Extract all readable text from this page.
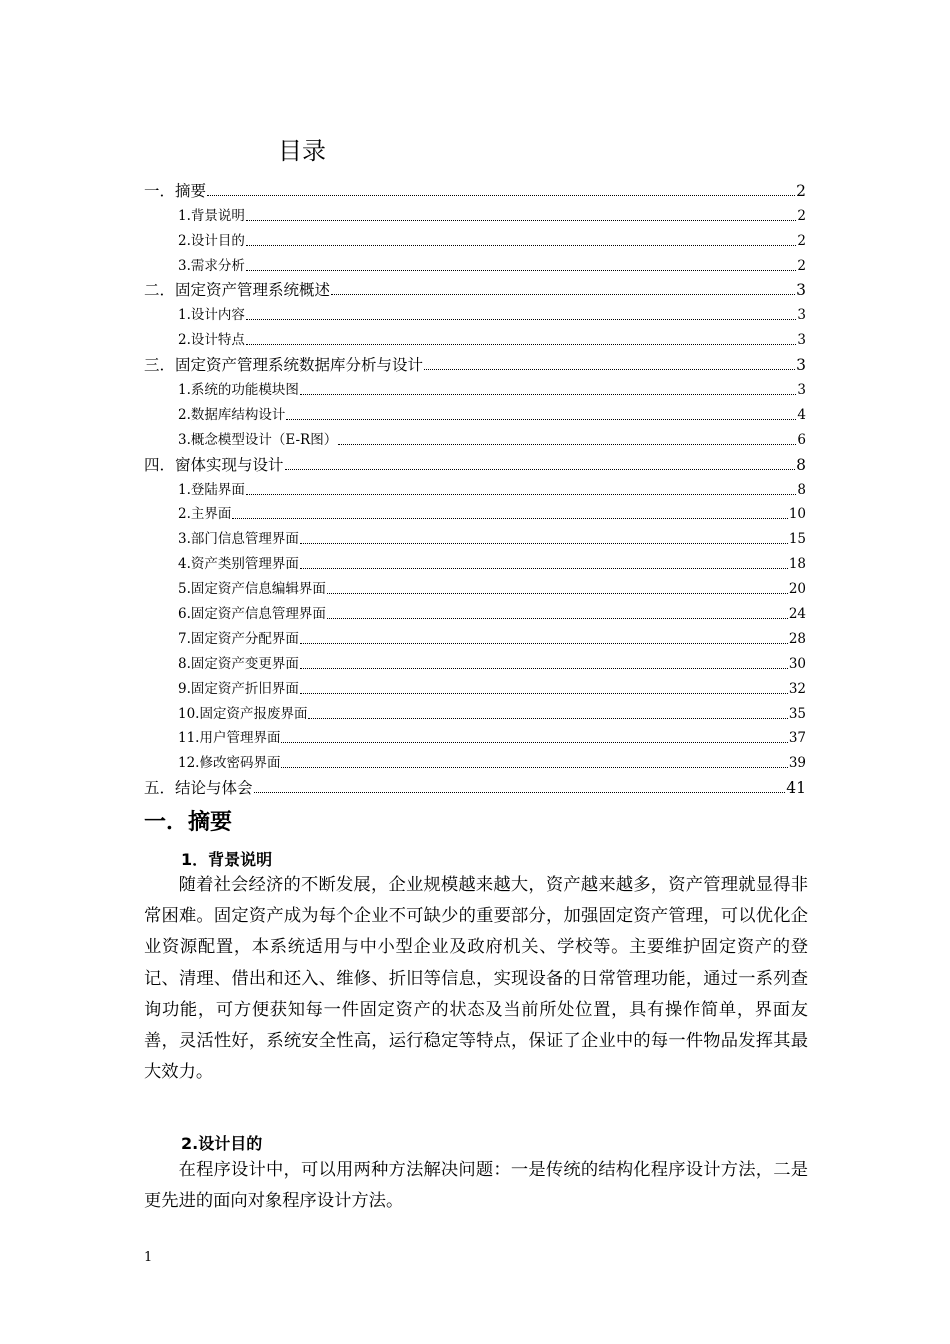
目录
一．摘要	2
1.背景说明	2
2.设计目的	2
3.需求分析	2
二．固定资产管理系统概述	3
1.设计内容	3
2.设计特点	3
三．固定资产管理系统数据库分析与设计	3
1.系统的功能模块图	3
2.数据库结构设计	4
3.概念模型设计（E-R图）	6
四．窗体实现与设计	8
1.登陆界面	8
2.主界面	10
3.部门信息管理界面	15
4.资产类别管理界面	18
5.固定资产信息编辑界面	20
6.固定资产信息管理界面	24
7.固定资产分配界面	28
8.固定资产变更界面	30
9.固定资产折旧界面	32
10.固定资产报废界面	35
11.用户管理界面	37
12.修改密码界面	39
五．结论与体会	41
一．摘要
1．背景说明

随着社会经济的不断发展，企业规模越来越大，资产越来越多，资产管理就显得非常困难。固定资产成为每个企业不可缺少的重要部分，加强固定资产管理，可以优化企业资源配置，本系统适用与中小型企业及政府机关、学校等。主要维护固定资产的登记、清理、借出和还入、维修、折旧等信息，实现设备的日常管理功能，通过一系列查询功能，可方便获知每一件固定资产的状态及当前所处位置，具有操作简单，界面友善，灵活性好，系统安全性高，运行稳定等特点，保证了企业中的每一件物品发挥其最大效力。

2.设计目的

在程序设计中，可以用两种方法解决问题：一是传统的结构化程序设计方法，二是更先进的面向对象程序设计方法。

1
